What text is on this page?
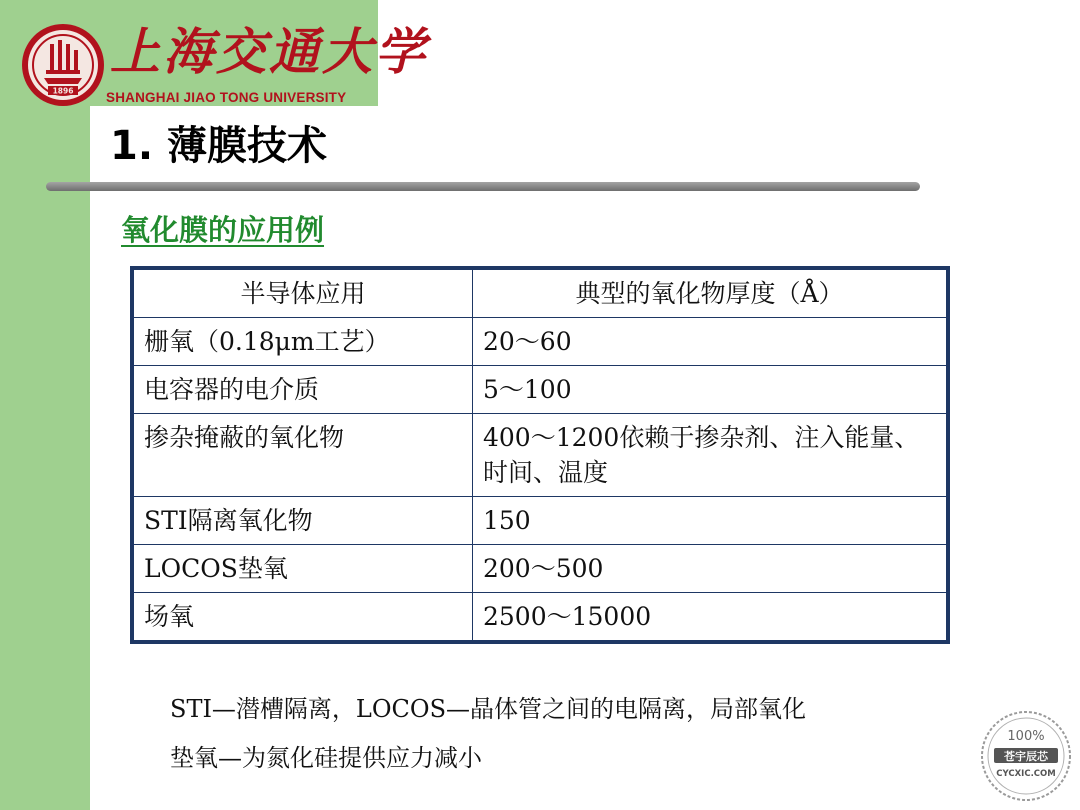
1896
上海交通大学
SHANGHAI JIAO TONG UNIVERSITY
1. 薄膜技术
氧化膜的应用例
半导体应用	典型的氧化物厚度（Å）
栅氧（0.18μm工艺）	20～60
电容器的电介质	5～100
掺杂掩蔽的氧化物	400～1200依赖于掺杂剂、注入能量、时间、温度
STI隔离氧化物	150
LOCOS垫氧	200～500
场氧	2500～15000
STI—潜槽隔离，LOCOS—晶体管之间的电隔离，局部氧化
垫氧—为氮化硅提供应力减小
100%
苍宇辰芯
CYCXIC.COM
